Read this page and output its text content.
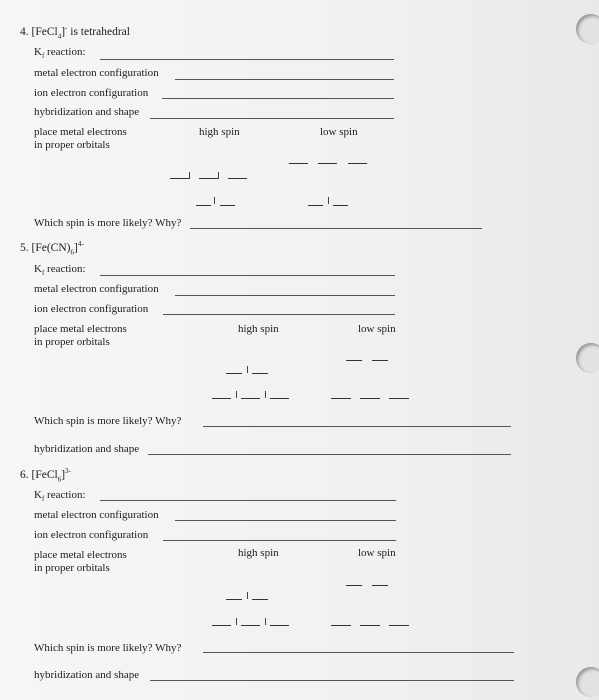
4. [FeCl$_4$]- is tetrahedral
$K_f$ reaction:
metal electron configuration
ion electron configuration
hybridization and shape
place metal electrons
in proper orbitals
high spin	low spin
Which spin is more likely? Why?
5. $[Fe(CN)_6]^{4-}$
$K_f$ reaction:
metal electron configuration
ion electron configuration
place metal electrons
in proper orbitals
high spin	low spin
Which spin is more likely? Why?
hybridization and shape
6. [FeCl$_6$]$^{3-}$
$K_f$ reaction:
metal electron configuration
ion electron configuration
place metal electrons
in proper orbitals
high spin	low spin
Which spin is more likely? Why?
hybridization and shape
